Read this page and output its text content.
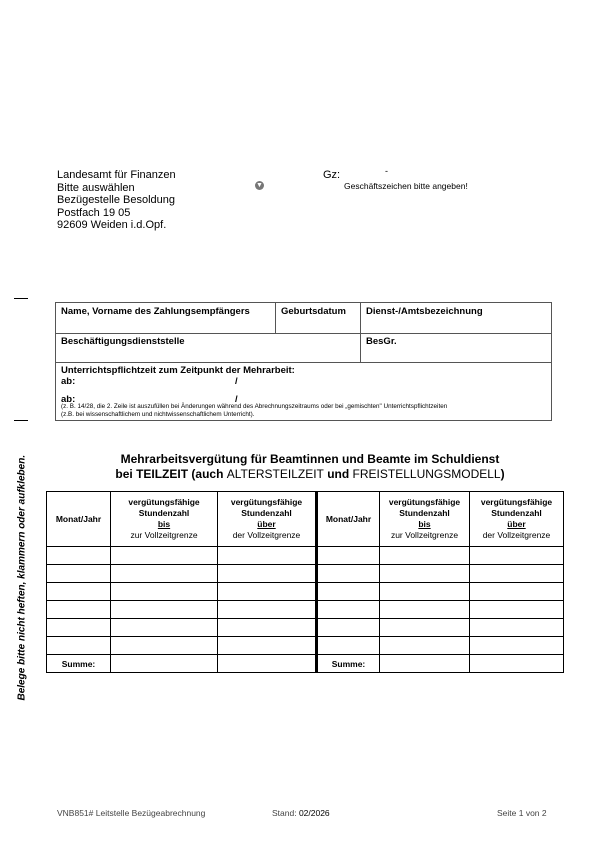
Landesamt für Finanzen
Bitte auswählen
Bezügestelle Besoldung
Postfach 19 05
92609 Weiden i.d.Opf.
▼
Gz:	-
Geschäftszeichen bitte angeben!
Belege bitte nicht heften, klammern oder aufkleben.
Name, Vorname des Zahlungsempfängers	Geburtsdatum	Dienst-/Amtsbezeichnung
Beschäftigungsdienststelle	BesGr.
Unterrichtspflichtzeit zum Zeitpunkt der Mehrarbeit:
ab:	/
ab:	/
(z. B. 14/28, die 2. Zeile ist auszufüllen bei Änderungen während des Abrechnungszeitraums oder bei „gemischten" Unterrichtspflichtzeiten
(z.B. bei wissenschaftlichem und nichtwissenschaftlichem Unterricht).
Mehrarbeitsvergütung für Beamtinnen und Beamte im Schuldienst
bei TEILZEIT (auch ALTERSTEILZEIT und FREISTELLUNGSMODELL)
Monat/Jahr	vergütungsfähige
Stundenzahl
bis
zur Vollzeitgrenze	vergütungsfähige
Stundenzahl
über
der Vollzeitgrenze	Monat/Jahr	vergütungsfähige
Stundenzahl
bis
zur Vollzeitgrenze	vergütungsfähige
Stundenzahl
über
der Vollzeitgrenze

Summe:			Summe:		
VNB851# Leitstelle Bezügeabrechnung	Stand: 02/2026	Seite 1 von 2
